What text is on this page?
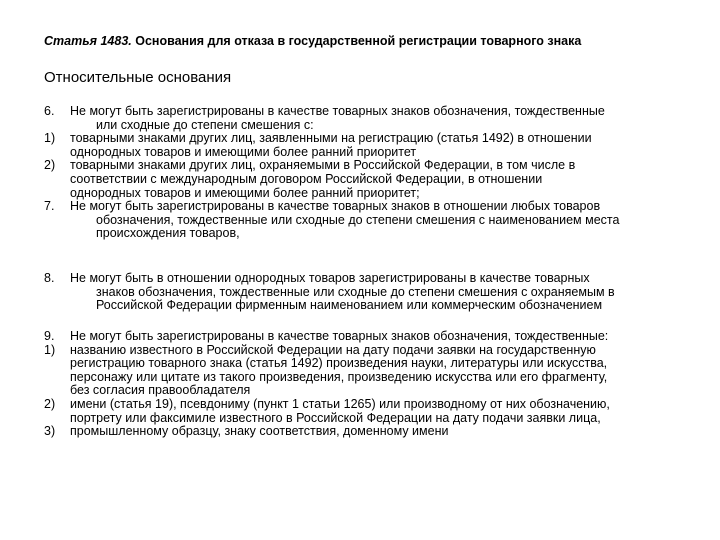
Статья 1483. Основания для отказа в государственной регистрации товарного знака
Относительные основания
6.	Не могут быть зарегистрированы в качестве товарных знаков обозначения, тождественные
или сходные до степени смешения с:
1)	товарными знаками других лиц, заявленными на регистрацию (статья 1492) в отношении
однородных товаров и имеющими более ранний приоритет
2)	товарными знаками других лиц, охраняемыми в Российской Федерации, в том числе в
соответствии с международным договором Российской Федерации, в отношении
однородных товаров и имеющими более ранний приоритет;
7.	Не могут быть зарегистрированы в качестве товарных знаков в отношении любых товаров
обозначения, тождественные или сходные до степени смешения с наименованием места
происхождения товаров,
8.	Не могут быть в отношении однородных товаров зарегистрированы в качестве товарных
знаков обозначения, тождественные или сходные до степени смешения с охраняемым в
Российской Федерации фирменным наименованием или коммерческим обозначением
9.	Не могут быть зарегистрированы в качестве товарных знаков обозначения, тождественные:
1)	названию известного в Российской Федерации на дату подачи заявки на государственную
регистрацию товарного знака (статья 1492) произведения науки, литературы или искусства,
персонажу или цитате из такого произведения, произведению искусства или его фрагменту,
без согласия правообладателя
2)	имени (статья 19), псевдониму (пункт 1 статьи 1265) или производному от них обозначению,
портрету или факсимиле известного в Российской Федерации на дату подачи заявки лица,
3)	промышленному образцу, знаку соответствия, доменному имени
